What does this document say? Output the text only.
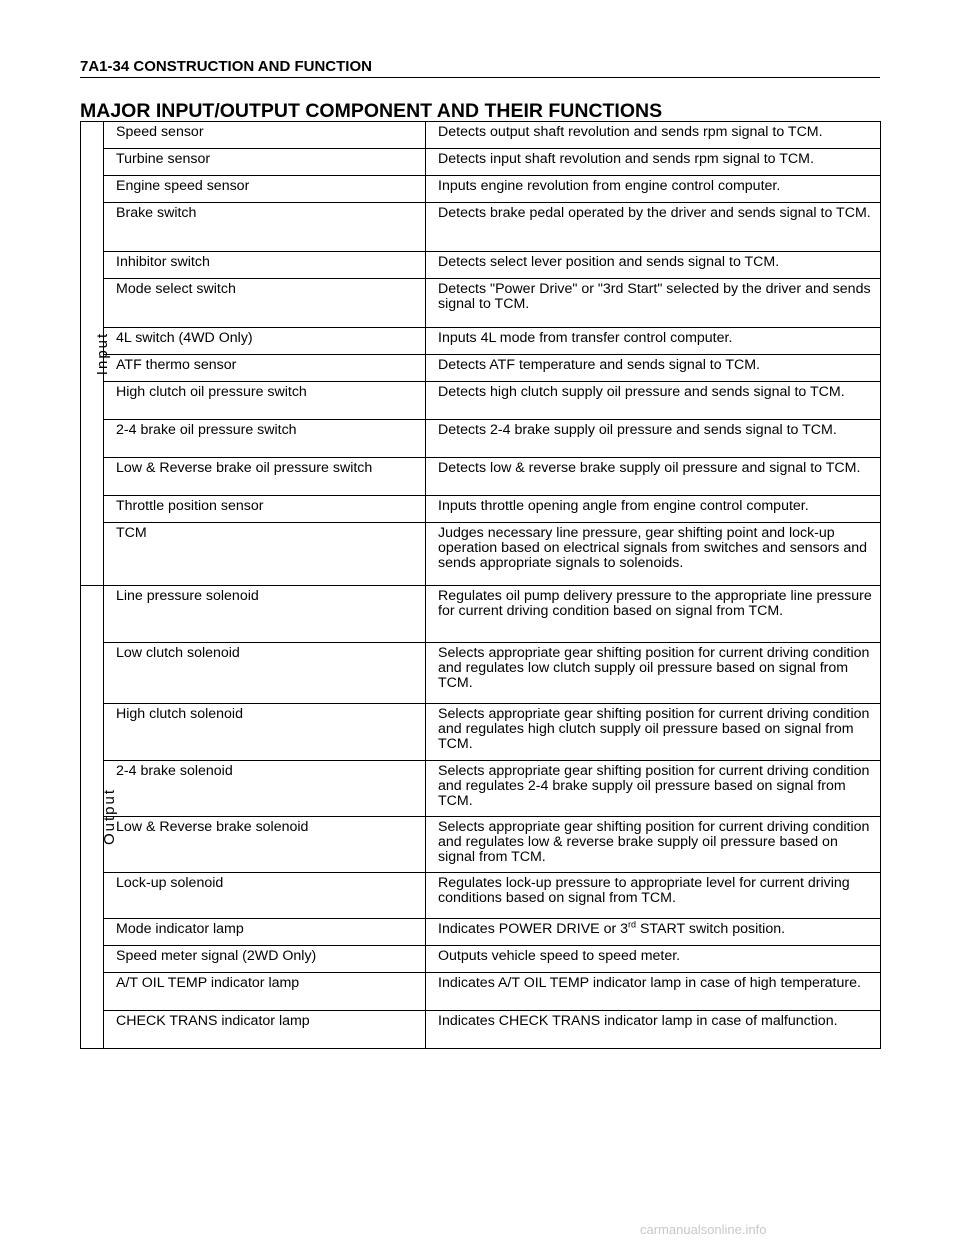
7A1-34 CONSTRUCTION AND FUNCTION
MAJOR INPUT/OUTPUT COMPONENT AND THEIR FUNCTIONS
Input	Speed sensor	Detects output shaft revolution and sends rpm signal to TCM.
	Turbine sensor	Detects input shaft revolution and sends rpm signal to TCM.
	Engine speed sensor	Inputs engine revolution from engine control computer.
	Brake switch	Detects brake pedal operated by the driver and sends signal to TCM.
	Inhibitor switch	Detects select lever position and sends signal to TCM.
	Mode select switch	Detects "Power Drive" or "3rd Start" selected by the driver and sends signal to TCM.
	4L switch (4WD Only)	Inputs 4L mode from transfer control computer.
	ATF thermo sensor	Detects ATF temperature and sends signal to TCM.
	High clutch oil pressure switch	Detects high clutch supply oil pressure and sends signal to TCM.
	2-4 brake oil pressure switch	Detects 2-4 brake supply oil pressure and sends signal to TCM.
	Low & Reverse brake oil pressure switch	Detects low & reverse brake supply oil pressure and signal to TCM.
	Throttle position sensor	Inputs throttle opening angle from engine control computer.
	TCM	Judges necessary line pressure, gear shifting point and lock-up operation based on electrical signals from switches and sensors and sends appropriate signals to solenoids.
Output	Line pressure solenoid	Regulates oil pump delivery pressure to the appropriate line pressure for current driving condition based on signal from TCM.
	Low clutch solenoid	Selects appropriate gear shifting position for current driving condition and regulates low clutch supply oil pressure based on signal from TCM.
	High clutch solenoid	Selects appropriate gear shifting position for current driving condition and regulates high clutch supply oil pressure based on signal from TCM.
	2-4 brake solenoid	Selects appropriate gear shifting position for current driving condition and regulates 2-4 brake supply oil pressure based on signal from TCM.
	Low & Reverse brake solenoid	Selects appropriate gear shifting position for current driving condition and regulates low & reverse brake supply oil pressure based on signal from TCM.
	Lock-up solenoid	Regulates lock-up pressure to appropriate level for current driving conditions based on signal from TCM.
	Mode indicator lamp	Indicates POWER DRIVE or 3rd START switch position.
	Speed meter signal (2WD Only)	Outputs vehicle speed to speed meter.
	A/T OIL TEMP indicator lamp	Indicates A/T OIL TEMP indicator lamp in case of high temperature.
	CHECK TRANS indicator lamp	Indicates CHECK TRANS indicator lamp in case of malfunction.
carmanualsonline.info
